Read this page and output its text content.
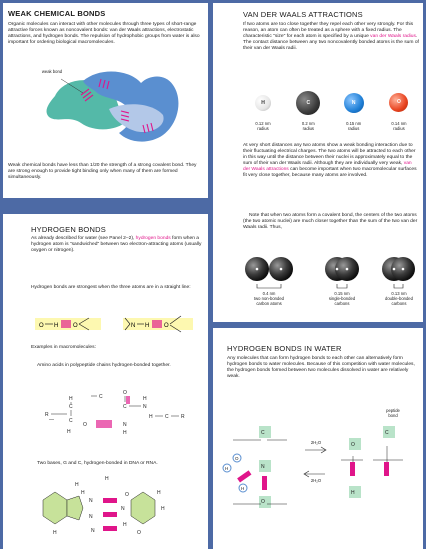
WEAK CHEMICAL BONDS
Organic molecules can interact with other molecules through three types of short-range attractive forces known as noncovalent bonds: van der Waals attractions, electrostatic attractions, and hydrogen bonds. The repulsion of hydrophobic groups from water is also important for ordering biological macromolecules.
weak bond
Weak chemical bonds have less than 1/20 the strength of a strong covalent bond. They are strong enough to provide tight binding only when many of them are formed simultaneously.
VAN DER WAALS ATTRACTIONS
If two atoms are too close together they repel each other very strongly. For this reason, an atom can often be treated as a sphere with a fixed radius. The characteristic "size" for each atom is specified by a unique van der Waals radius. The contact distance between any two noncovalently bonded atoms is the sum of their van der Waals radii.
H
0.12 nm
radius
C
0.2 nm
radius
N
0.15 nm
radius
O
0.14 nm
radius
At very short distances any two atoms show a weak bonding interaction due to their fluctuating electrical charges. The two atoms will be attracted to each other in this way until the distance between their nuclei is approximately equal to the sum of their van der Waals radii. Although they are individually very weak, van der Waals attractions can become important when two macromolecular surfaces fit very close together, because many atoms are involved.
Note that when two atoms form a covalent bond, the centers of the two atoms (the two atomic nuclei) are much closer together than the sum of the two van der Waals radii. Thus,
0.4 nm
two non-bonded carbon atoms
0.15 nm
single-bonded carbons
0.13 nm
double-bonded carbons
HYDROGEN BONDS
As already described for water (see Panel 2–2), hydrogen bonds form when a hydrogen atom is "sandwiched" between two electron-attracting atoms (usually oxygen or nitrogen).
Hydrogen bonds are strongest when the three atoms are in a straight line:
O H O	N H O
Examples in macromolecules:
Amino acids in polypeptide chains hydrogen-bonded together.
H
C
C
H
R
—
O
C	N
H
H C R
O	N
H
C
Two bases, G and C, hydrogen-bonded in DNA or RNA.
H
N
N
N
O
N
H
H
H
H
H
O
H
HYDROGEN BONDS IN WATER
Any molecules that can form hydrogen bonds to each other can alternatively form hydrogen bonds to water molecules. Because of this competition with water molecules, the hydrogen bonds formed between two molecules dissolved in water are relatively weak.
peptide bond
C
N
O
O
H
C
H
O
H
2H₂O
2H₂O
